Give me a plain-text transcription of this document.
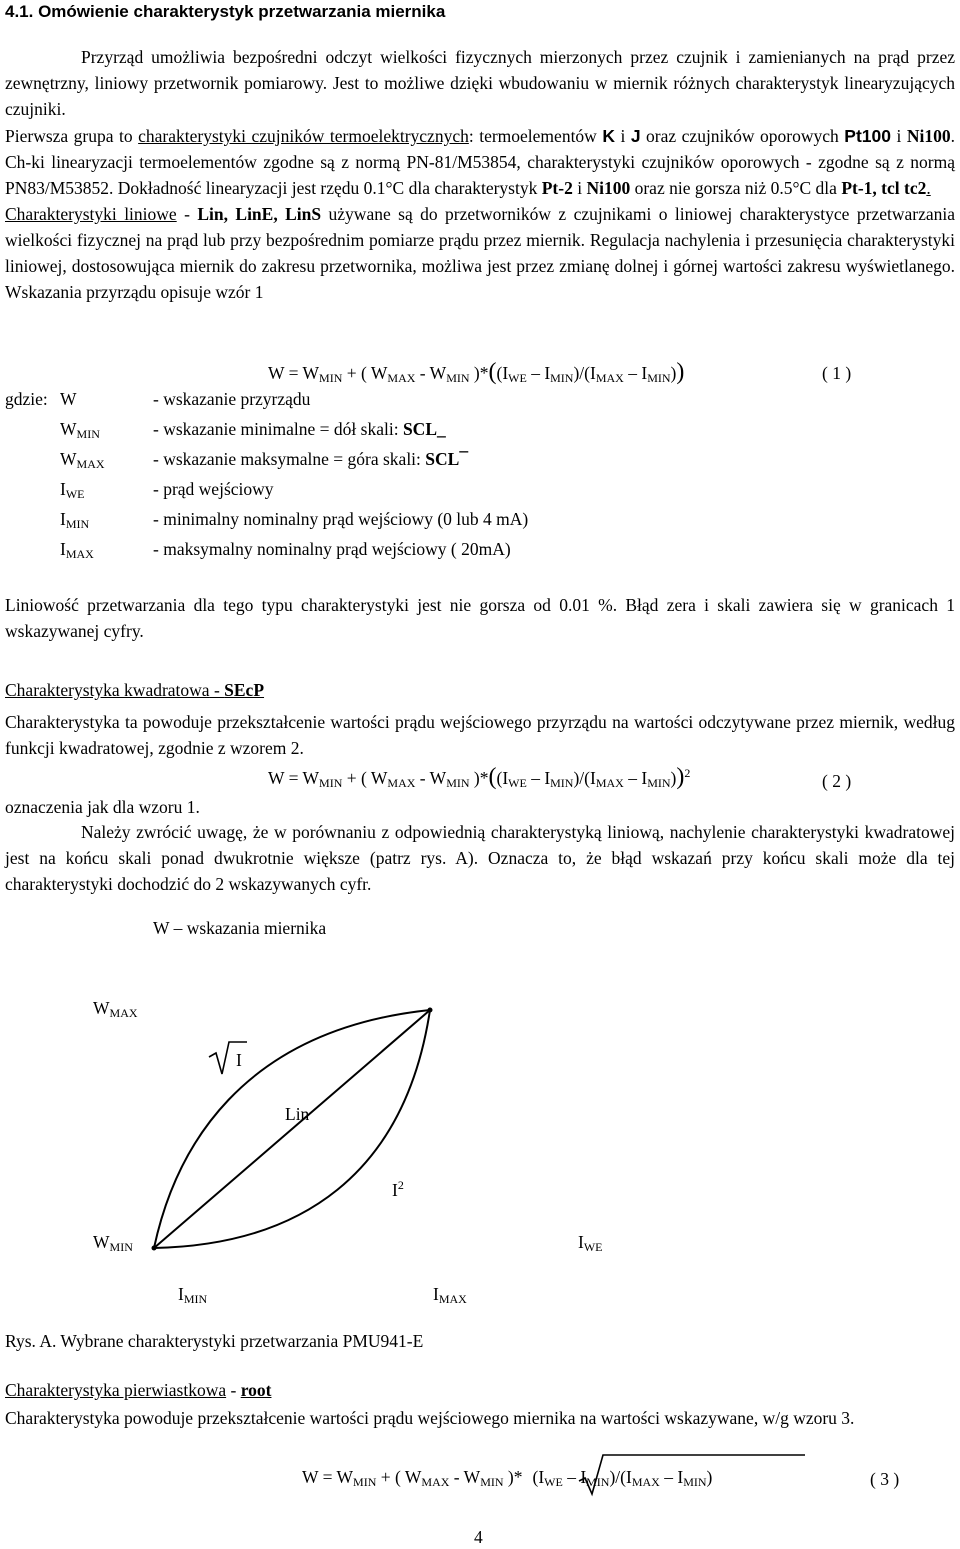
4.1. Omówienie charakterystyk przetwarzania miernika
Przyrząd umożliwia bezpośredni odczyt wielkości fizycznych mierzonych przez czujnik i zamienianych na prąd przez zewnętrzny, liniowy przetwornik pomiarowy. Jest to możliwe dzięki wbudowaniu w miernik różnych charakterystyk linearyzujących czujniki.
Pierwsza grupa to charakterystyki czujników termoelektrycznych: termoelementów K i J oraz czujników oporowych Pt100 i Ni100. Ch-ki linearyzacji termoelementów zgodne są z normą PN-81/M53854, charakterystyki czujników oporowych - zgodne są z normą PN83/M53852. Dokładność linearyzacji jest rzędu 0.1°C dla charakterystyk Pt-2 i Ni100 oraz nie gorsza niż 0.5°C dla Pt-1, tcl tc2.
Charakterystyki liniowe - Lin, LinE, LinS używane są do przetworników z czujnikami o liniowej charakterystyce przetwarzania wielkości fizycznej na prąd lub przy bezpośrednim pomiarze prądu przez miernik. Regulacja nachylenia i przesunięcia charakterystyki liniowej, dostosowująca miernik do zakresu przetwornika, możliwa jest przez zmianę dolnej i górnej wartości zakresu wyświetlanego. Wskazania przyrządu opisuje wzór 1
$W = W_{MIN}$ + ( $W_{MAX} - W_{MIN}$ )$*((I_{WE} - I_{MIN})/(I_{MAX} - I_{MIN}))$	( 1 )
gdzie: W	- wskazanie przyrządu
$W_{MIN}$	- wskazanie minimalne = dół skali: SCL_
$W_{MAX}$	- wskazanie maksymalne = góra skali: SCL¯
$I_{WE}$	- prąd wejściowy
$I_{MIN}$	- minimalny nominalny prąd wejściowy (0 lub 4 mA)
$I_{MAX}$	- maksymalny nominalny prąd wejściowy ( 20mA)
Liniowość przetwarzania dla tego typu charakterystyki jest nie gorsza od 0.01 %. Błąd zera i skali zawiera się w granicach 1 wskazywanej cyfry.
Charakterystyka kwadratowa - SEcP
Charakterystyka ta powoduje przekształcenie wartości prądu wejściowego przyrządu na wartości odczytywane przez miernik, według funkcji kwadratowej, zgodnie z wzorem 2.
$W = W_{MIN}$ + ( $W_{MAX} - W_{MIN}$ )$*((I_{WE} - I_{MIN})/(I_{MAX} - I_{MIN}))^2$	( 2 )
oznaczenia jak dla wzoru 1.
Należy zwrócić uwagę, że w porównaniu z odpowiednią charakterystyką liniową, nachylenie charakterystyki kwadratowej jest na końcu skali ponad dwukrotnie większe (patrz rys. A). Oznacza to, że błąd wskazań przy końcu skali może dla tej charakterystyki dochodzić do 2 wskazywanych cyfr.
W – wskazania miernika
$W_{MAX}$
$W_{MIN}$	$I_{WE}$
$I_{MIN}$	$I_{MAX}$
I
Lin
$I^2$
Rys. A. Wybrane charakterystyki przetwarzania PMU941-E
Charakterystyka pierwiastkowa - root
Charakterystyka powoduje przekształcenie wartości prądu wejściowego miernika na wartości wskazywane, w/g wzoru 3.
$W = W_{MIN}$ + ( $W_{MAX} - W_{MIN}$ )* $(I_{WE} - I_{MIN})/(I_{MAX} - I_{MIN})$	( 3 )
4
